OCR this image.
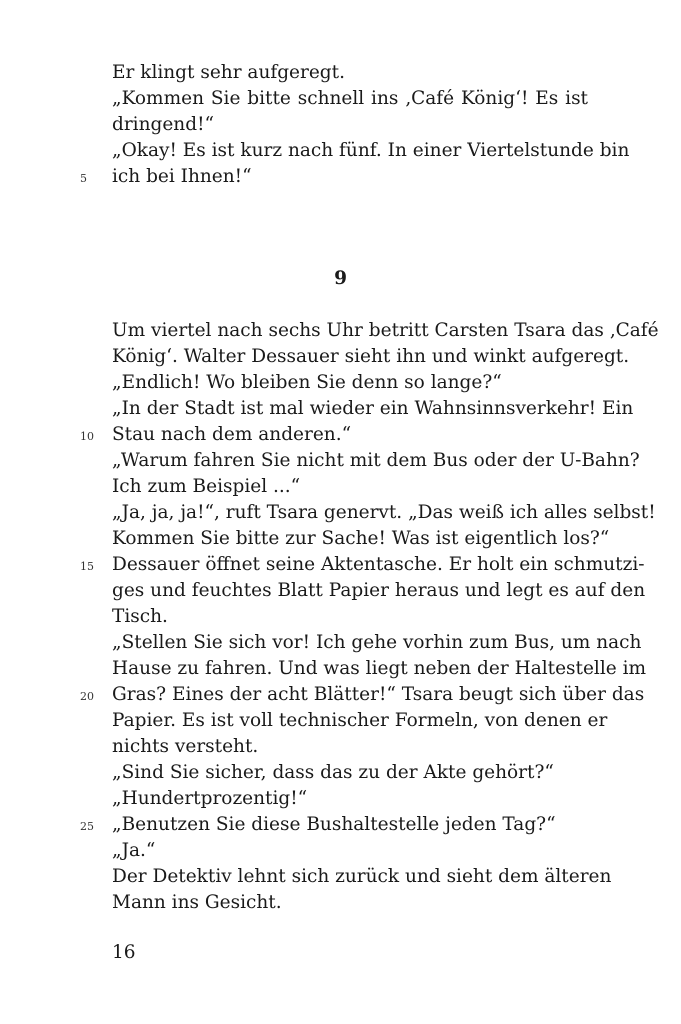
Er klingt sehr aufgeregt.
„Kommen Sie bitte schnell ins ‚Café König‘! Es ist
dringend!“
„Okay! Es ist kurz nach fünf. In einer Viertelstunde bin
ich bei Ihnen!“
5
9
Um viertel nach sechs Uhr betritt Carsten Tsara das ‚Café
König‘. Walter Dessauer sieht ihn und winkt aufgeregt.
„Endlich! Wo bleiben Sie denn so lange?“
„In der Stadt ist mal wieder ein Wahnsinnsverkehr! Ein
Stau nach dem anderen.“
10
„Warum fahren Sie nicht mit dem Bus oder der U-Bahn?
Ich zum Beispiel ...“
„Ja, ja, ja!“, ruft Tsara genervt. „Das weiß ich alles selbst!
Kommen Sie bitte zur Sache! Was ist eigentlich los?“
Dessauer öffnet seine Aktentasche. Er holt ein schmutzi-
15
ges und feuchtes Blatt Papier heraus und legt es auf den
Tisch.
„Stellen Sie sich vor! Ich gehe vorhin zum Bus, um nach
Hause zu fahren. Und was liegt neben der Haltestelle im
Gras? Eines der acht Blätter!“ Tsara beugt sich über das
20
Papier. Es ist voll technischer Formeln, von denen er
nichts versteht.
„Sind Sie sicher, dass das zu der Akte gehört?“
„Hundertprozentig!“
„Benutzen Sie diese Bushaltestelle jeden Tag?“
25
„Ja.“
Der Detektiv lehnt sich zurück und sieht dem älteren
Mann ins Gesicht.
16
